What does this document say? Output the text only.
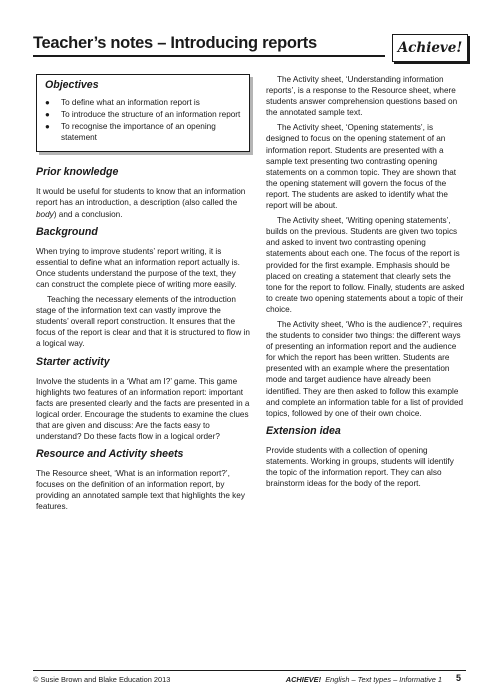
Teacher’s notes – Introducing reports	Achieve!
Objectives
●	To define what an information report is
●	To introduce the structure of an information report
●	To recognise the importance of an opening statement
Prior knowledge

It would be useful for students to know that an information report has an introduction, a description (also called the body) and a conclusion.

Background

When trying to improve students’ report writing, it is essential to define what an information report actually is. Once students understand the purpose of the text, they can construct the complete piece of writing more easily.

Teaching the necessary elements of the introduction stage of the information text can vastly improve the students’ overall report construction. It ensures that the focus of the report is clear and that it is structured to flow in a logical way.

Starter activity

Involve the students in a ‘What am I?’ game. This game highlights two features of an information report: important facts are presented clearly and the facts are presented in a logical order. Encourage the students to examine the clues that are given and discuss: Are the facts easy to understand? Do these facts flow in a logical order?

Resource and Activity sheets

The Resource sheet, ‘What is an information report?’, focuses on the definition of an information report, by providing an annotated sample text that highlights the key features.

The Activity sheet, ‘Understanding information reports’, is a response to the Resource sheet, where students answer comprehension questions based on the annotated sample text.

The Activity sheet, ‘Opening statements’, is designed to focus on the opening statement of an information report. Students are presented with a sample text presenting two contrasting opening statements on a common topic. They are shown that the opening statement will govern the focus of the report. The students are asked to identify what the report will be about.

The Activity sheet, ‘Writing opening statements’, builds on the previous. Students are given two topics and asked to invent two contrasting opening statements about each one. The focus of the report is provided for the first example. Emphasis should be placed on creating a statement that clearly sets the tone for the report to follow. Finally, students are asked to create two opening statements about a topic of their choice.

The Activity sheet, ‘Who is the audience?’, requires the students to consider two things: the different ways of presenting an information report and the audience for which the report has been written. Students are presented with an example where the presentation mode and target audience have already been identified. They are then asked to follow this example and complete an information table for a list of provided topics, followed by one of their own choice.

Extension idea

Provide students with a collection of opening statements. Working in groups, students will identify the topic of the information report. They can also brainstorm ideas for the body of the report.

© Susie Brown and Blake Education 2013	ACHIEVE! English – Text types – Informative 1 5
